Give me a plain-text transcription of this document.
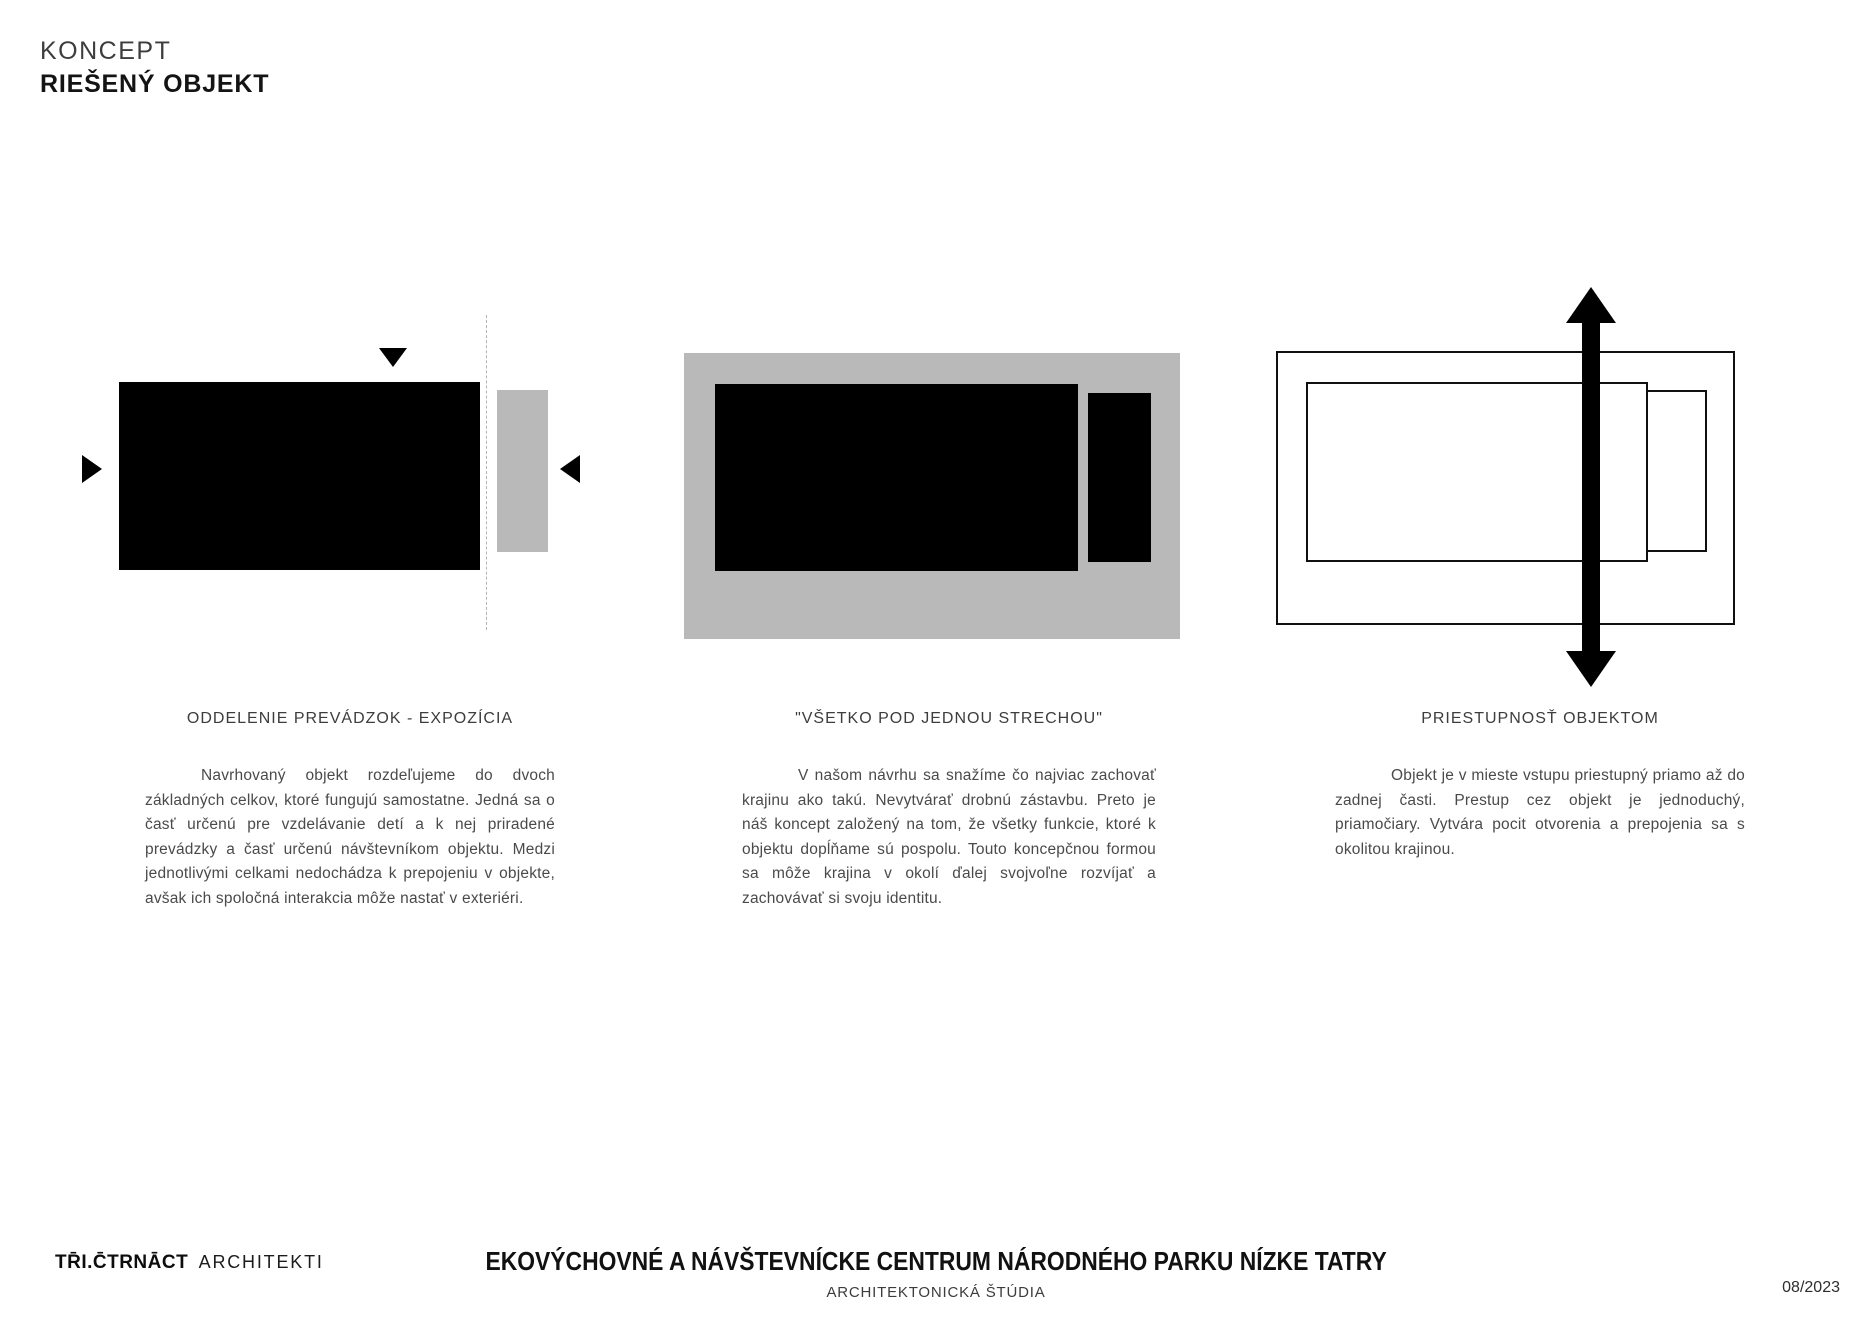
KONCEPT
RIEŠENÝ OBJEKT
ODDELENIE PREVÁDZOK - EXPOZÍCIA
Navrhovaný objekt rozdeľujeme do dvoch základných celkov, ktoré fungujú samostatne. Jedná sa o časť určenú pre vzdelávanie detí a k nej priradené prevádzky a časť určenú návštevníkom objektu. Medzi jednotlivými celkami nedochádza k prepojeniu v objekte, avšak ich spoločná interakcia môže nastať v exteriéri.
"VŠETKO POD JEDNOU STRECHOU"
V našom návrhu sa snažíme čo najviac zachovať krajinu ako takú. Nevytvárať drobnú zástavbu. Preto je náš koncept založený na tom, že všetky funkcie, ktoré k objektu dopĺňame sú pospolu. Touto koncepčnou formou sa môže krajina v okolí ďalej svojvoľne rozvíjať a zachovávať si svoju identitu.
PRIESTUPNOSŤ OBJEKTOM
Objekt je v mieste vstupu priestupný priamo až do zadnej časti. Prestup cez objekt je jednoduchý, priamočiary. Vytvára pocit otvorenia a prepojenia sa s okolitou krajinou.
TR̄I.C̄TRNĀCT ARCHITEKTI	EKOVÝCHOVNÉ A NÁVŠTEVNÍCKE CENTRUM NÁRODNÉHO PARKU NÍZKE TATRY
ARCHITEKTONICKÁ ŠTÚDIA	08/2023
